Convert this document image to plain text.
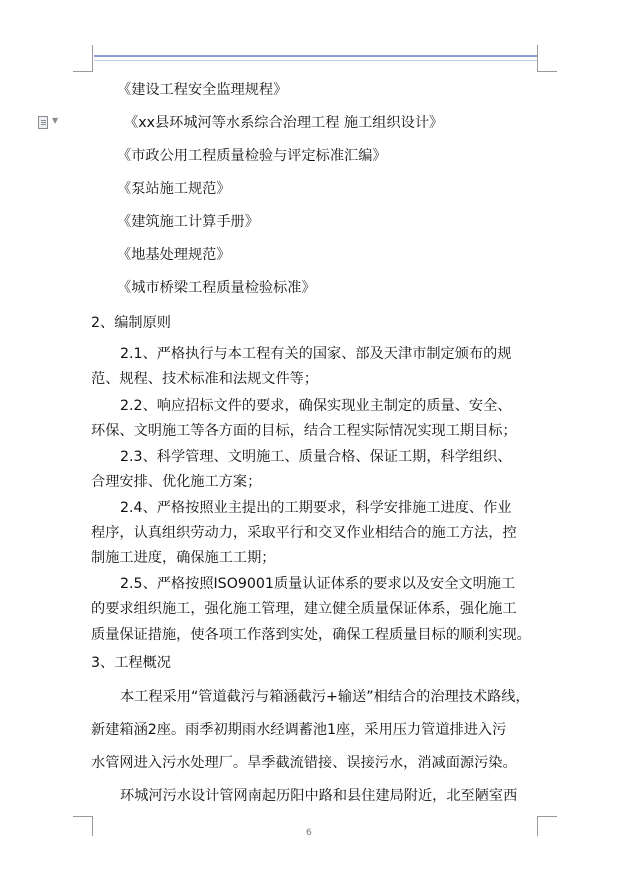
▼
《建设工程安全监理规程》
《xx县环城河等水系综合治理工程 施工组织设计》
《市政公用工程质量检验与评定标准汇编》
《泵站施工规范》
《建筑施工计算手册》
《地基处理规范》
《城市桥梁工程质量检验标准》
2、编制原则
2.1、严格执行与本工程有关的国家、部及天津市制定颁布的规
范、规程、技术标准和法规文件等；
2.2、响应招标文件的要求，确保实现业主制定的质量、安全、
环保、文明施工等各方面的目标，结合工程实际情况实现工期目标；
2.3、科学管理、文明施工、质量合格、保证工期，科学组织、
合理安排、优化施工方案；
2.4、严格按照业主提出的工期要求，科学安排施工进度、作业
程序，认真组织劳动力，采取平行和交叉作业相结合的施工方法，控
制施工进度，确保施工工期；
2.5、严格按照ISO9001质量认证体系的要求以及安全文明施工
的要求组织施工，强化施工管理，建立健全质量保证体系，强化施工
质量保证措施，使各项工作落到实处，确保工程质量目标的顺利实现。
3、工程概况
本工程采用“管道截污与箱涵截污+输送”相结合的治理技术路线，
新建箱涵2座。雨季初期雨水经调蓄池1座，采用压力管道排进入污
水管网进入污水处理厂。旱季截流错接、误接污水，消减面源污染。
环城河污水设计管网南起历阳中路和县住建局附近，北至陋室西
6
